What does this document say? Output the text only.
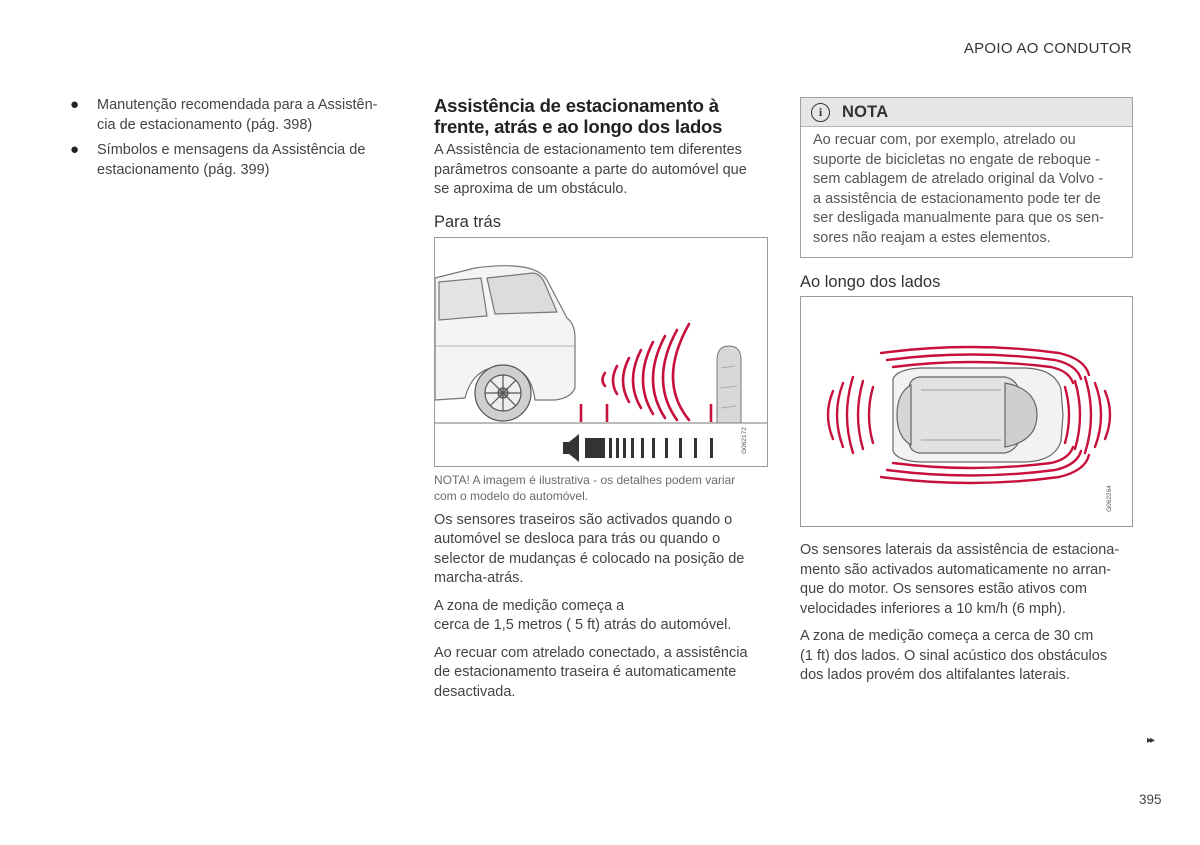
APOIO AO CONDUTOR
● Manutenção recomendada para a Assistên-
cia de estacionamento (pág. 398)
● Símbolos e mensagens da Assistência de
estacionamento (pág. 399)
Assistência de estacionamento à
frente, atrás e ao longo dos lados

A Assistência de estacionamento tem diferentes
parâmetros consoante a parte do automóvel que
se aproxima de um obstáculo.

Para trás
G062172

NOTA! A imagem é ilustrativa - os detalhes podem variar
com o modelo do automóvel.

Os sensores traseiros são activados quando o
automóvel se desloca para trás ou quando o
selector de mudanças é colocado na posição de
marcha-atrás.

A zona de medição começa a
cerca de 1,5 metros ( 5 ft) atrás do automóvel.

Ao recuar com atrelado conectado, a assistência
de estacionamento traseira é automaticamente
desactivada.

i	NOTA
Ao recuar com, por exemplo, atrelado ou
suporte de bicicletas no engate de reboque -
sem cablagem de atrelado original da Volvo -
a assistência de estacionamento pode ter de
ser desligada manualmente para que os sen-
sores não reajam a estes elementos.
Ao longo dos lados
G062264

Os sensores laterais da assistência de estaciona-
mento são activados automaticamente no arran-
que do motor. Os sensores estão ativos com
velocidades inferiores a 10 km/h (6 mph).

A zona de medição começa a cerca de 30 cm
(1 ft) dos lados. O sinal acústico dos obstáculos
dos lados provém dos altifalantes laterais.

▸▸
395
